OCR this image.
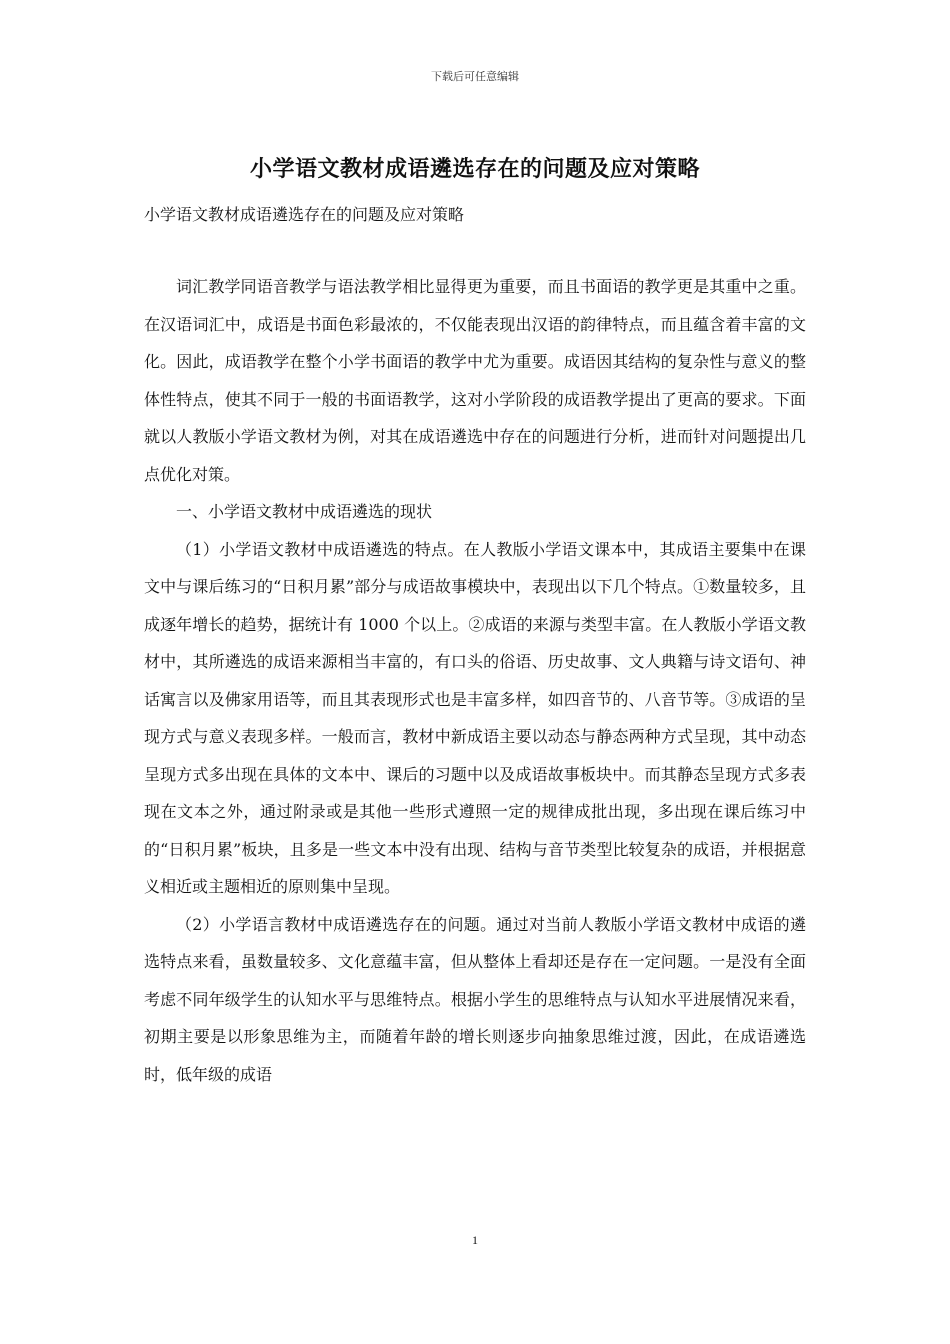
下载后可任意编辑
小学语文教材成语遴选存在的问题及应对策略

小学语文教材成语遴选存在的问题及应对策略

词汇教学同语音教学与语法教学相比显得更为重要，而且书面语的教学更是其重中之重。在汉语词汇中，成语是书面色彩最浓的，不仅能表现出汉语的韵律特点，而且蕴含着丰富的文化。因此，成语教学在整个小学书面语的教学中尤为重要。成语因其结构的复杂性与意义的整体性特点，使其不同于一般的书面语教学，这对小学阶段的成语教学提出了更高的要求。下面就以人教版小学语文教材为例，对其在成语遴选中存在的问题进行分析，进而针对问题提出几点优化对策。

一、小学语文教材中成语遴选的现状

（1）小学语文教材中成语遴选的特点。在人教版小学语文课本中，其成语主要集中在课文中与课后练习的“日积月累”部分与成语故事模块中，表现出以下几个特点。①数量较多，且成逐年增长的趋势，据统计有 1000 个以上。②成语的来源与类型丰富。在人教版小学语文教材中，其所遴选的成语来源相当丰富的，有口头的俗语、历史故事、文人典籍与诗文语句、神话寓言以及佛家用语等，而且其表现形式也是丰富多样，如四音节的、八音节等。③成语的呈现方式与意义表现多样。一般而言，教材中新成语主要以动态与静态两种方式呈现，其中动态呈现方式多出现在具体的文本中、课后的习题中以及成语故事板块中。而其静态呈现方式多表现在文本之外，通过附录或是其他一些形式遵照一定的规律成批出现，多出现在课后练习中的“日积月累”板块，且多是一些文本中没有出现、结构与音节类型比较复杂的成语，并根据意义相近或主题相近的原则集中呈现。

（2）小学语言教材中成语遴选存在的问题。通过对当前人教版小学语文教材中成语的遴选特点来看，虽数量较多、文化意蕴丰富，但从整体上看却还是存在一定问题。一是没有全面考虑不同年级学生的认知水平与思维特点。根据小学生的思维特点与认知水平进展情况来看，初期主要是以形象思维为主，而随着年龄的增长则逐步向抽象思维过渡，因此，在成语遴选时，低年级的成语

1
